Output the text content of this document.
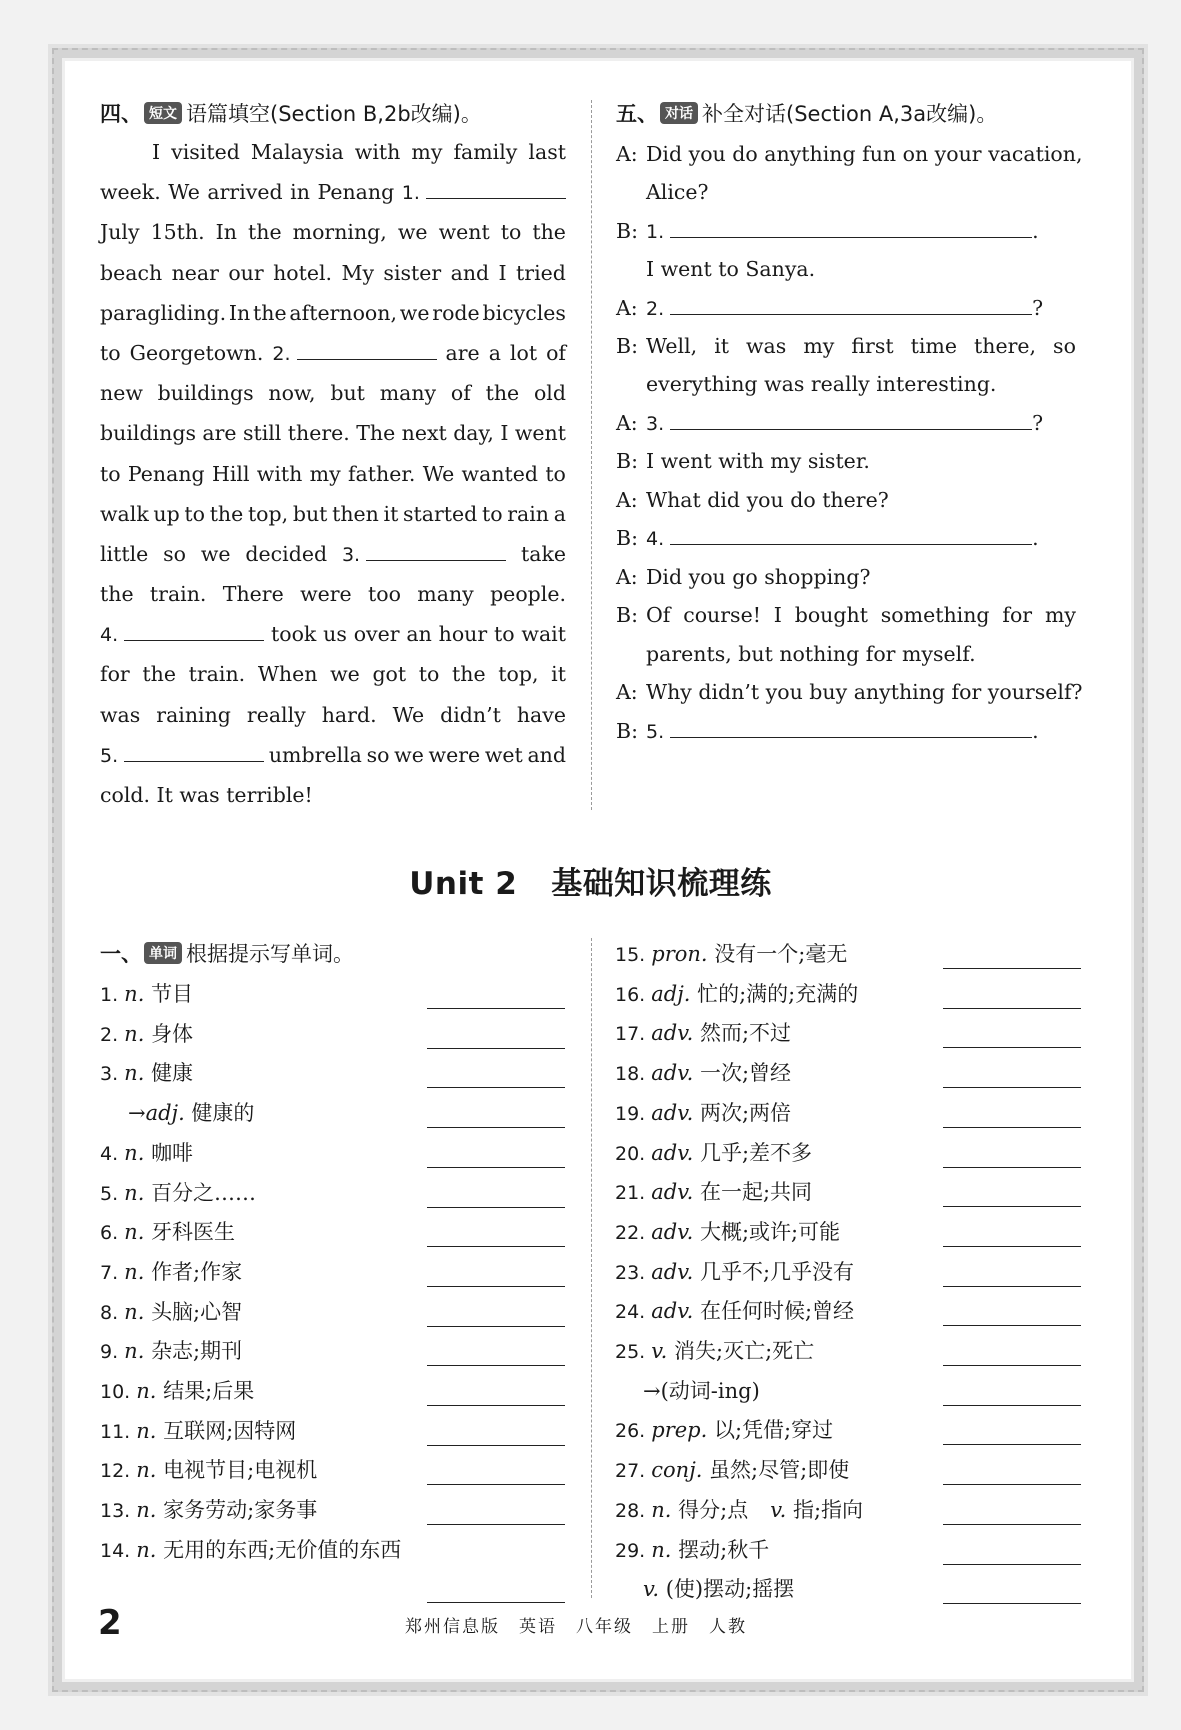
四、 短文 语篇填空(Section B,2b改编)。
I visited Malaysia with my family last
week. We arrived in Penang 1.
July 15th. In the morning, we went to the
beach near our hotel. My sister and I tried
paragliding. In the afternoon, we rode bicycles
to Georgetown. 2.	are a lot of
new buildings now, but many of the old
buildings are still there. The next day, I went
to Penang Hill with my father. We wanted to
walk up to the top, but then it started to rain a
little so we decided 3.	take
the train. There were too many people.
4.	took us over an hour to wait
for the train. When we got to the top, it
was raining really hard. We didn’t have
5.	umbrella so we were wet and
cold. It was terrible!
五、 对话 补全对话(Section A,3a改编)。
A: Did you do anything fun on your vacation,
Alice?
B: 1.	.
I went to Sanya.
A: 2.	?
B: Well, it was my first time there, so
everything was really interesting.
A: 3.	?
B: I went with my sister.
A: What did you do there?
B: 4.	.
A: Did you go shopping?
B: Of course! I bought something for my
parents, but nothing for myself.
A: Why didn’t you buy anything for yourself?
B: 5.	.
Unit 2 基础知识梳理练
一、 单词 根据提示写单词。
1. n. 节目
2. n. 身体
3. n. 健康
→adj. 健康的
4. n. 咖啡
5. n. 百分之……
6. n. 牙科医生
7. n. 作者;作家
8. n. 头脑;心智
9. n. 杂志;期刊
10. n. 结果;后果
11. n. 互联网;因特网
12. n. 电视节目;电视机
13. n. 家务劳动;家务事
14. n. 无用的东西;无价值的东西
15. pron. 没有一个;毫无
16. adj. 忙的;满的;充满的
17. adv. 然而;不过
18. adv. 一次;曾经
19. adv. 两次;两倍
20. adv. 几乎;差不多
21. adv. 在一起;共同
22. adv. 大概;或许;可能
23. adv. 几乎不;几乎没有
24. adv. 在任何时候;曾经
25. v. 消失;灭亡;死亡
→(动词-ing)
26. prep. 以;凭借;穿过
27. conj. 虽然;尽管;即使
28. n. 得分;点 v. 指;指向
29. n. 摆动;秋千
v. (使)摆动;摇摆
2	郑州信息版　英语　八年级　上册　人教
